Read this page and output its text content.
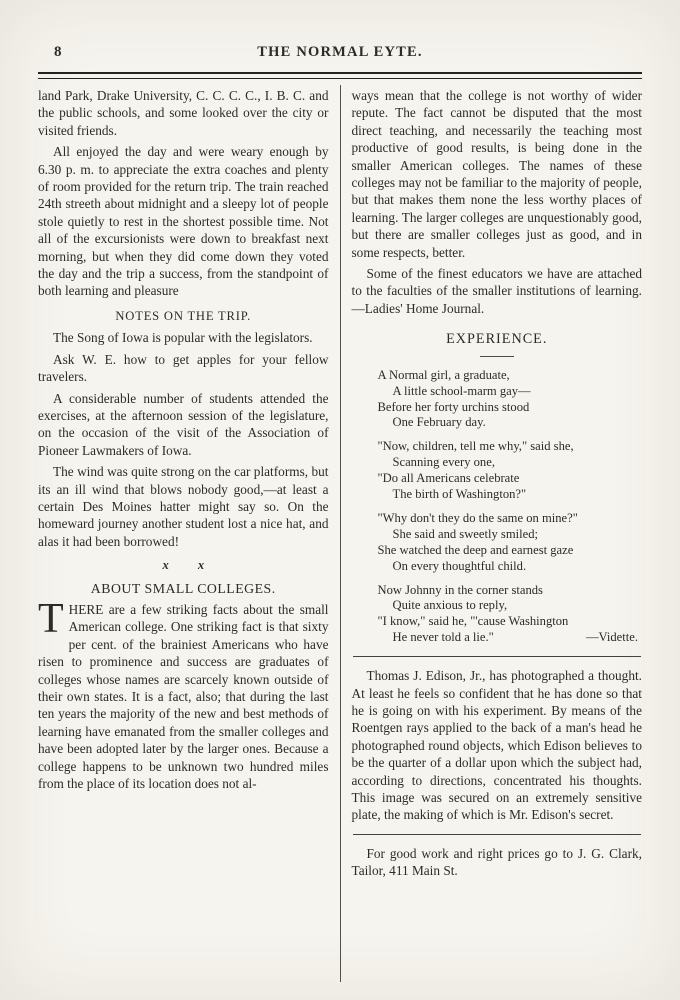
8	THE NORMAL EYTE.

land Park, Drake University, C. C. C. C., I. B. C. and the public schools, and some looked over the city or visited friends.

All enjoyed the day and were weary enough by 6.30 p. m. to appreciate the extra coaches and plenty of room provided for the return trip. The train reached 24th streeth about midnight and a sleepy lot of people stole quietly to rest in the shortest possible time. Not all of the excursionists were down to breakfast next morning, but when they did come down they voted the day and the trip a success, from the standpoint of both learning and pleasure

NOTES ON THE TRIP.

The Song of Iowa is popular with the legislators.

Ask W. E. how to get apples for your fellow travelers.

A considerable number of students attended the exercises, at the afternoon session of the legislature, on the occasion of the visit of the Association of Pioneer Lawmakers of Iowa.

The wind was quite strong on the car platforms, but its an ill wind that blows nobody good,—at least a certain Des Moines hatter might say so. On the homeward journey another student lost a nice hat, and alas it had been borrowed!

x x
ABOUT SMALL COLLEGES.

THERE are a few striking facts about the small American college. One striking fact is that sixty per cent. of the brainiest Americans who have risen to prominence and success are graduates of colleges whose names are scarcely known outside of their own states. It is a fact, also; that during the last ten years the majority of the new and best methods of learning have emanated from the smaller colleges and have been adopted later by the larger ones. Because a college happens to be unknown two hundred miles from the place of its location does not al-

ways mean that the college is not worthy of wider repute. The fact cannot be disputed that the most direct teaching, and necessarily the teaching most productive of good results, is being done in the smaller American colleges. The names of these colleges may not be familiar to the majority of people, but that makes them none the less worthy places of learning. The larger colleges are unquestionably good, but there are smaller colleges just as good, and in some respects, better.

Some of the finest educators we have are attached to the faculties of the smaller institutions of learning.—Ladies' Home Journal.

EXPERIENCE.
A Normal girl, a graduate,
A little school-marm gay—
Before her forty urchins stood
One February day.
"Now, children, tell me why," said she,
Scanning every one,
"Do all Americans celebrate
The birth of Washington?"
"Why don't they do the same on mine?"
She said and sweetly smiled;
She watched the deep and earnest gaze
On every thoughtful child.
Now Johnny in the corner stands
Quite anxious to reply,
"I know," said he, "'cause Washington
He never told a lie."	—Vidette.

Thomas J. Edison, Jr., has photographed a thought. At least he feels so confident that he has done so that he is going on with his experiment. By means of the Roentgen rays applied to the back of a man's head he photographed round objects, which Edison believes to be the quarter of a dollar upon which the subject had, according to directions, concentrated his thoughts. This image was secured on an extremely sensitive plate, the making of which is Mr. Edison's secret.

For good work and right prices go to J. G. Clark, Tailor, 411 Main St.
